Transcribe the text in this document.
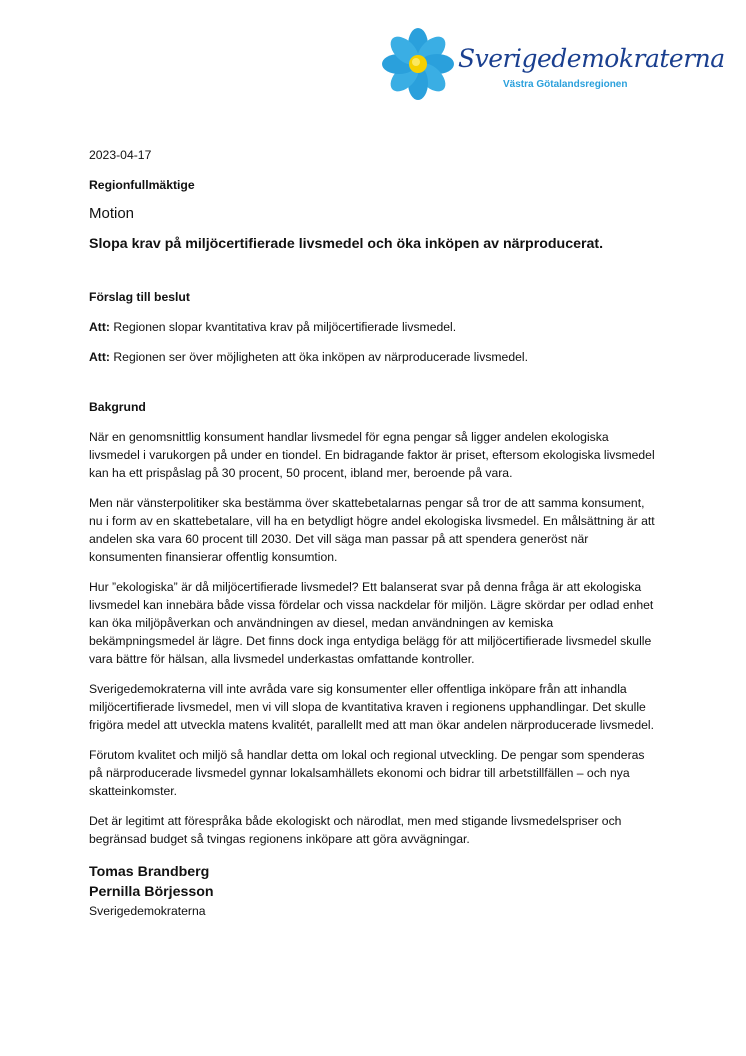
Sverigedemokraterna
Västra Götalandsregionen

2023-04-17

Regionfullmäktige

Motion

Slopa krav på miljöcertifierade livsmedel och öka inköpen av närproducerat.

Förslag till beslut

Att: Regionen slopar kvantitativa krav på miljöcertifierade livsmedel.

Att: Regionen ser över möjligheten att öka inköpen av närproducerade livsmedel.

Bakgrund

När en genomsnittlig konsument handlar livsmedel för egna pengar så ligger andelen ekologiska livsmedel i varukorgen på under en tiondel. En bidragande faktor är priset, eftersom ekologiska livsmedel kan ha ett prispåslag på 30 procent, 50 procent, ibland mer, beroende på vara.

Men när vänsterpolitiker ska bestämma över skattebetalarnas pengar så tror de att samma konsument, nu i form av en skattebetalare, vill ha en betydligt högre andel ekologiska livsmedel. En målsättning är att andelen ska vara 60 procent till 2030. Det vill säga man passar på att spendera generöst när konsumenten finansierar offentlig konsumtion.

Hur ”ekologiska” är då miljöcertifierade livsmedel? Ett balanserat svar på denna fråga är att ekologiska livsmedel kan innebära både vissa fördelar och vissa nackdelar för miljön. Lägre skördar per odlad enhet kan öka miljöpåverkan och användningen av diesel, medan användningen av kemiska bekämpningsmedel är lägre. Det finns dock inga entydiga belägg för att miljöcertifierade livsmedel skulle vara bättre för hälsan, alla livsmedel underkastas omfattande kontroller.

Sverigedemokraterna vill inte avråda vare sig konsumenter eller offentliga inköpare från att inhandla miljöcertifierade livsmedel, men vi vill slopa de kvantitativa kraven i regionens upphandlingar. Det skulle frigöra medel att utveckla matens kvalitét, parallellt med att man ökar andelen närproducerade livsmedel.

Förutom kvalitet och miljö så handlar detta om lokal och regional utveckling. De pengar som spenderas på närproducerade livsmedel gynnar lokalsamhällets ekonomi och bidrar till arbetstillfällen – och nya skatteinkomster.

Det är legitimt att förespråka både ekologiskt och närodlat, men med stigande livsmedelspriser och begränsad budget så tvingas regionens inköpare att göra avvägningar.

Tomas Brandberg

Pernilla Börjesson

Sverigedemokraterna
